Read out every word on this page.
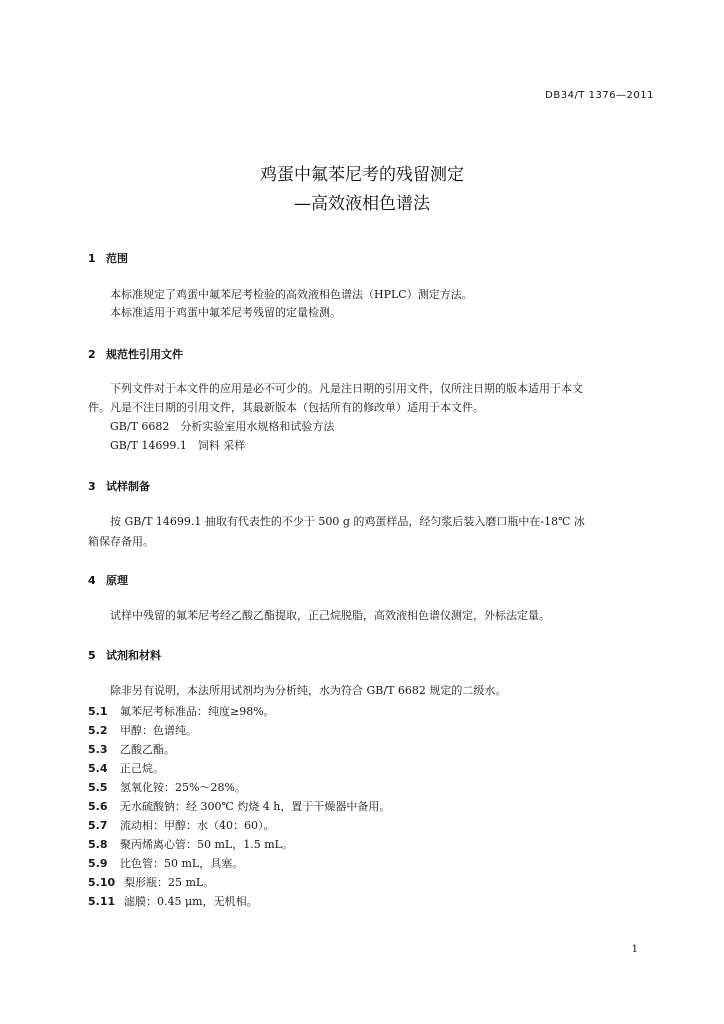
DB34/T 1376—2011
鸡蛋中氟苯尼考的残留测定
—高效液相色谱法
1 范围
本标准规定了鸡蛋中氟苯尼考检验的高效液相色谱法（HPLC）测定方法。
本标准适用于鸡蛋中氟苯尼考残留的定量检测。
2 规范性引用文件
下列文件对于本文件的应用是必不可少的。凡是注日期的引用文件，仅所注日期的版本适用于本文
件。凡是不注日期的引用文件，其最新版本（包括所有的修改单）适用于本文件。
GB/T 6682　分析实验室用水规格和试验方法
GB/T 14699.1　饲料 采样
3 试样制备
按 GB/T 14699.1 抽取有代表性的不少于 500 g 的鸡蛋样品，经匀浆后装入磨口瓶中在-18℃ 冰
箱保存备用。
4 原理
试样中残留的氟苯尼考经乙酸乙酯提取，正己烷脱脂，高效液相色谱仪测定，外标法定量。
5 试剂和材料
除非另有说明，本法所用试剂均为分析纯，水为符合 GB/T 6682 规定的二级水。
5.1 氟苯尼考标准品：纯度≥98%。
5.2 甲醇：色谱纯。
5.3 乙酸乙酯。
5.4 正己烷。
5.5 氢氧化铵：25%～28%。
5.6 无水硫酸钠：经 300℃ 灼烧 4 h，置于干燥器中备用。
5.7 流动相：甲醇：水（40：60）。
5.8 聚丙烯离心管：50 mL，1.5 mL。
5.9 比色管：50 mL，具塞。
5.10 梨形瓶：25 mL。
5.11 滤膜：0.45 μm，无机相。
1
